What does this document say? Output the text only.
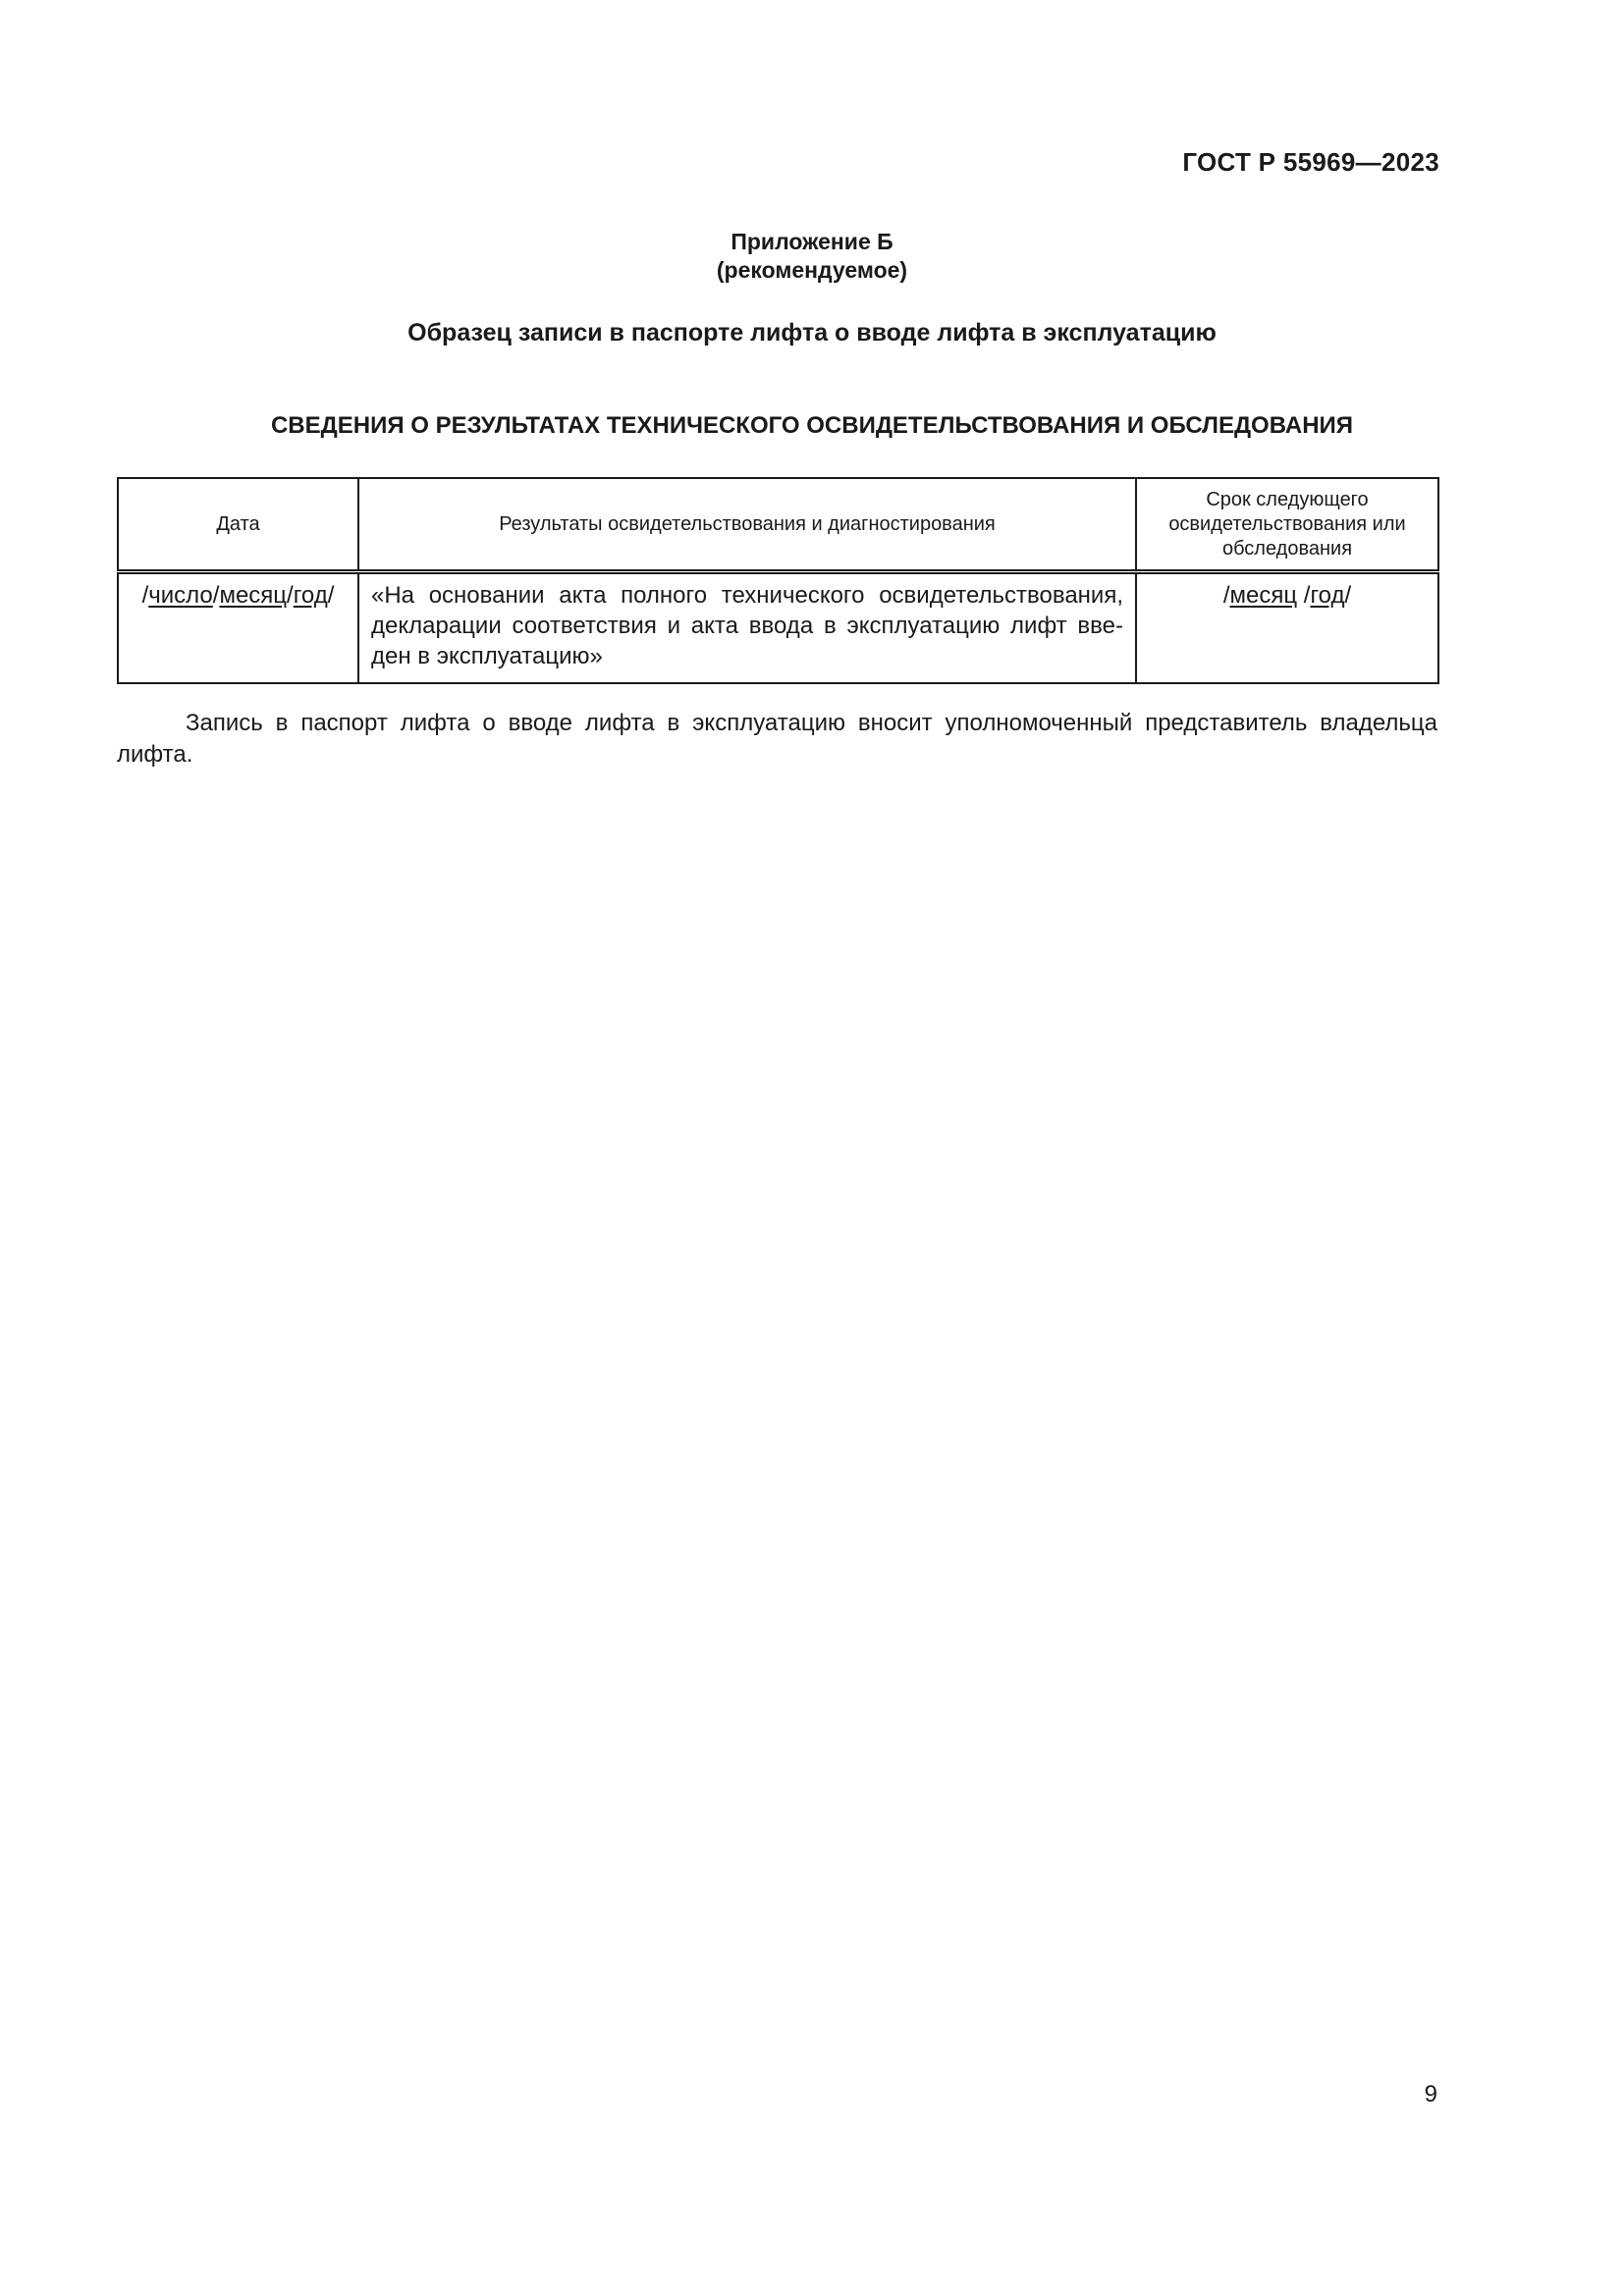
ГОСТ Р 55969—2023
Приложение Б
(рекомендуемое)
Образец записи в паспорте лифта о вводе лифта в эксплуатацию
СВЕДЕНИЯ О РЕЗУЛЬТАТАХ ТЕХНИЧЕСКОГО ОСВИДЕТЕЛЬСТВОВАНИЯ И ОБСЛЕДОВАНИЯ
Дата	Результаты освидетельствования и диагностирования	Срок следующего освидетельствования или обследования
/число/месяц/год/	«На основании акта полного технического освидетельствования, декларации соответствия и акта ввода в эксплуатацию лифт вве- ден в эксплуатацию»	/месяц /год/
Запись в паспорт лифта о вводе лифта в эксплуатацию вносит уполномоченный представитель владельца лифта.
9
